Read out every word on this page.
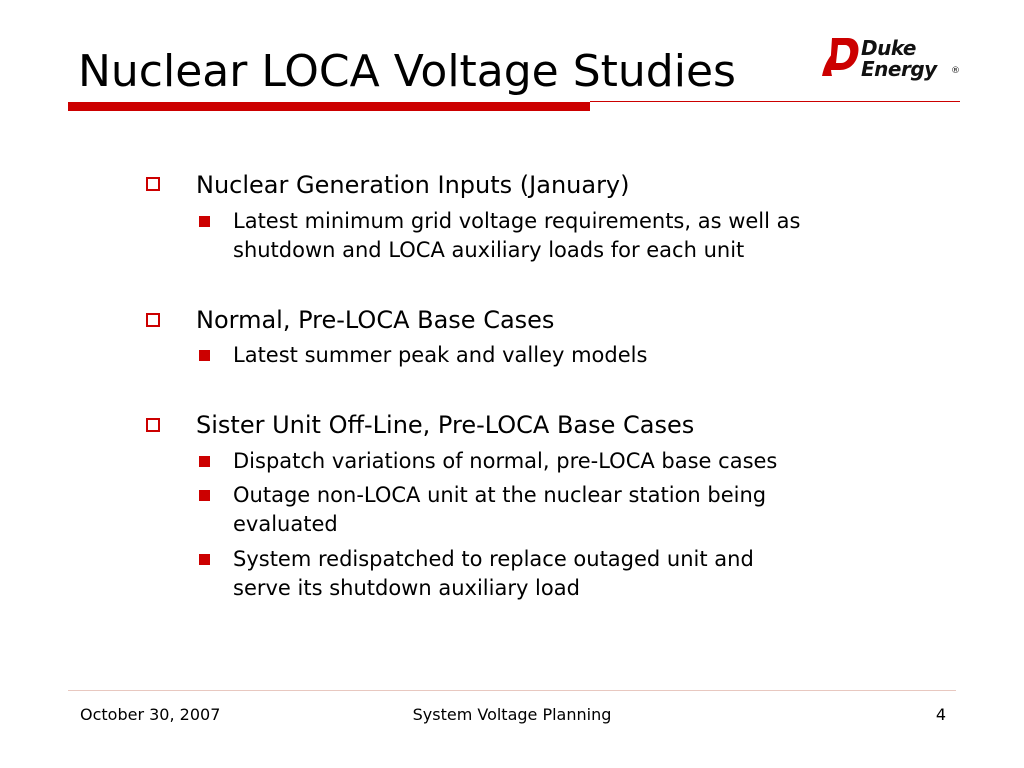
Nuclear LOCA Voltage Studies	Duke
Energy ®
Nuclear Generation Inputs (January)
Latest minimum grid voltage requirements, as well as
shutdown and LOCA auxiliary loads for each unit
Normal, Pre-LOCA Base Cases
Latest summer peak and valley models
Sister Unit Off-Line, Pre-LOCA Base Cases
Dispatch variations of normal, pre-LOCA base cases
Outage non-LOCA unit at the nuclear station being
evaluated
System redispatched to replace outaged unit and
serve its shutdown auxiliary load
October 30, 2007	System Voltage Planning	4
